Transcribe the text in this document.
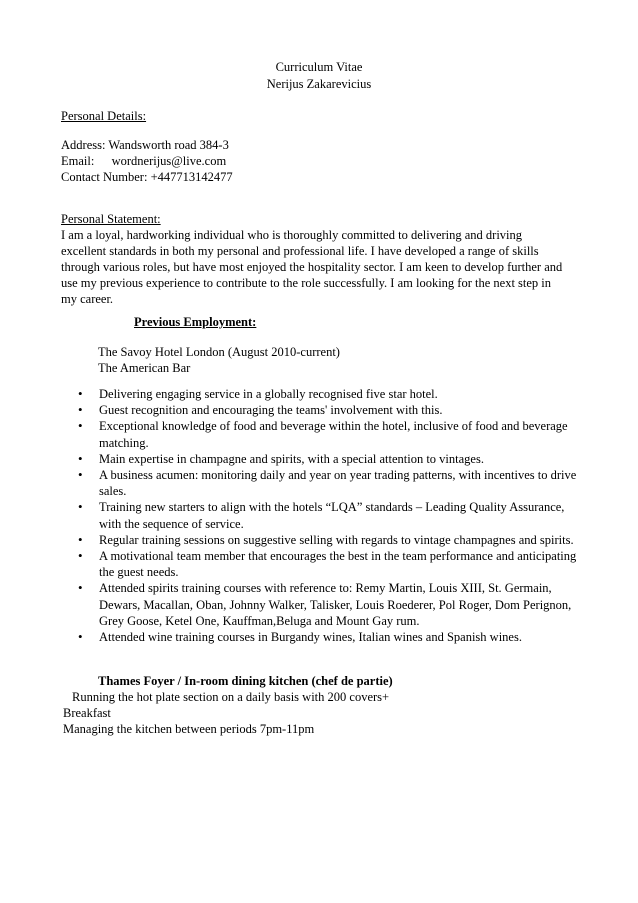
Curriculum Vitae
Nerijus Zakarevicius
Personal Details:
Address: Wandsworth road 384-3
Email: wordnerijus@live.com
Contact Number: +447713142477
Personal Statement:
I am a loyal, hardworking individual who is thoroughly committed to delivering and driving
excellent standards in both my personal and professional life. I have developed a range of skills
through various roles, but have most enjoyed the hospitality sector. I am keen to develop further and
use my previous experience to contribute to the role successfully. I am looking for the next step in
my career.
Previous Employment:
The Savoy Hotel London (August 2010-current)
The American Bar
• Delivering engaging service in a globally recognised five star hotel.
• Guest recognition and encouraging the teams' involvement with this.
• Exceptional knowledge of food and beverage within the hotel, inclusive of food and beverage matching.
• Main expertise in champagne and spirits, with a special attention to vintages.
• A business acumen: monitoring daily and year on year trading patterns, with incentives to drive sales.
• Training new starters to align with the hotels “LQA” standards – Leading Quality Assurance, with the sequence of service.
• Regular training sessions on suggestive selling with regards to vintage champagnes and spirits.
• A motivational team member that encourages the best in the team performance and anticipating the guest needs.
• Attended spirits training courses with reference to: Remy Martin, Louis XIII, St. Germain, Dewars, Macallan, Oban, Johnny Walker, Talisker, Louis Roederer, Pol Roger, Dom Perignon, Grey Goose, Ketel One, Kauffman,Beluga and Mount Gay rum.
• Attended wine training courses in Burgandy wines, Italian wines and Spanish wines.
Thames Foyer / In-room dining kitchen (chef de partie)
Running the hot plate section on a daily basis with 200 covers+
Breakfast
Managing the kitchen between periods 7pm-11pm
